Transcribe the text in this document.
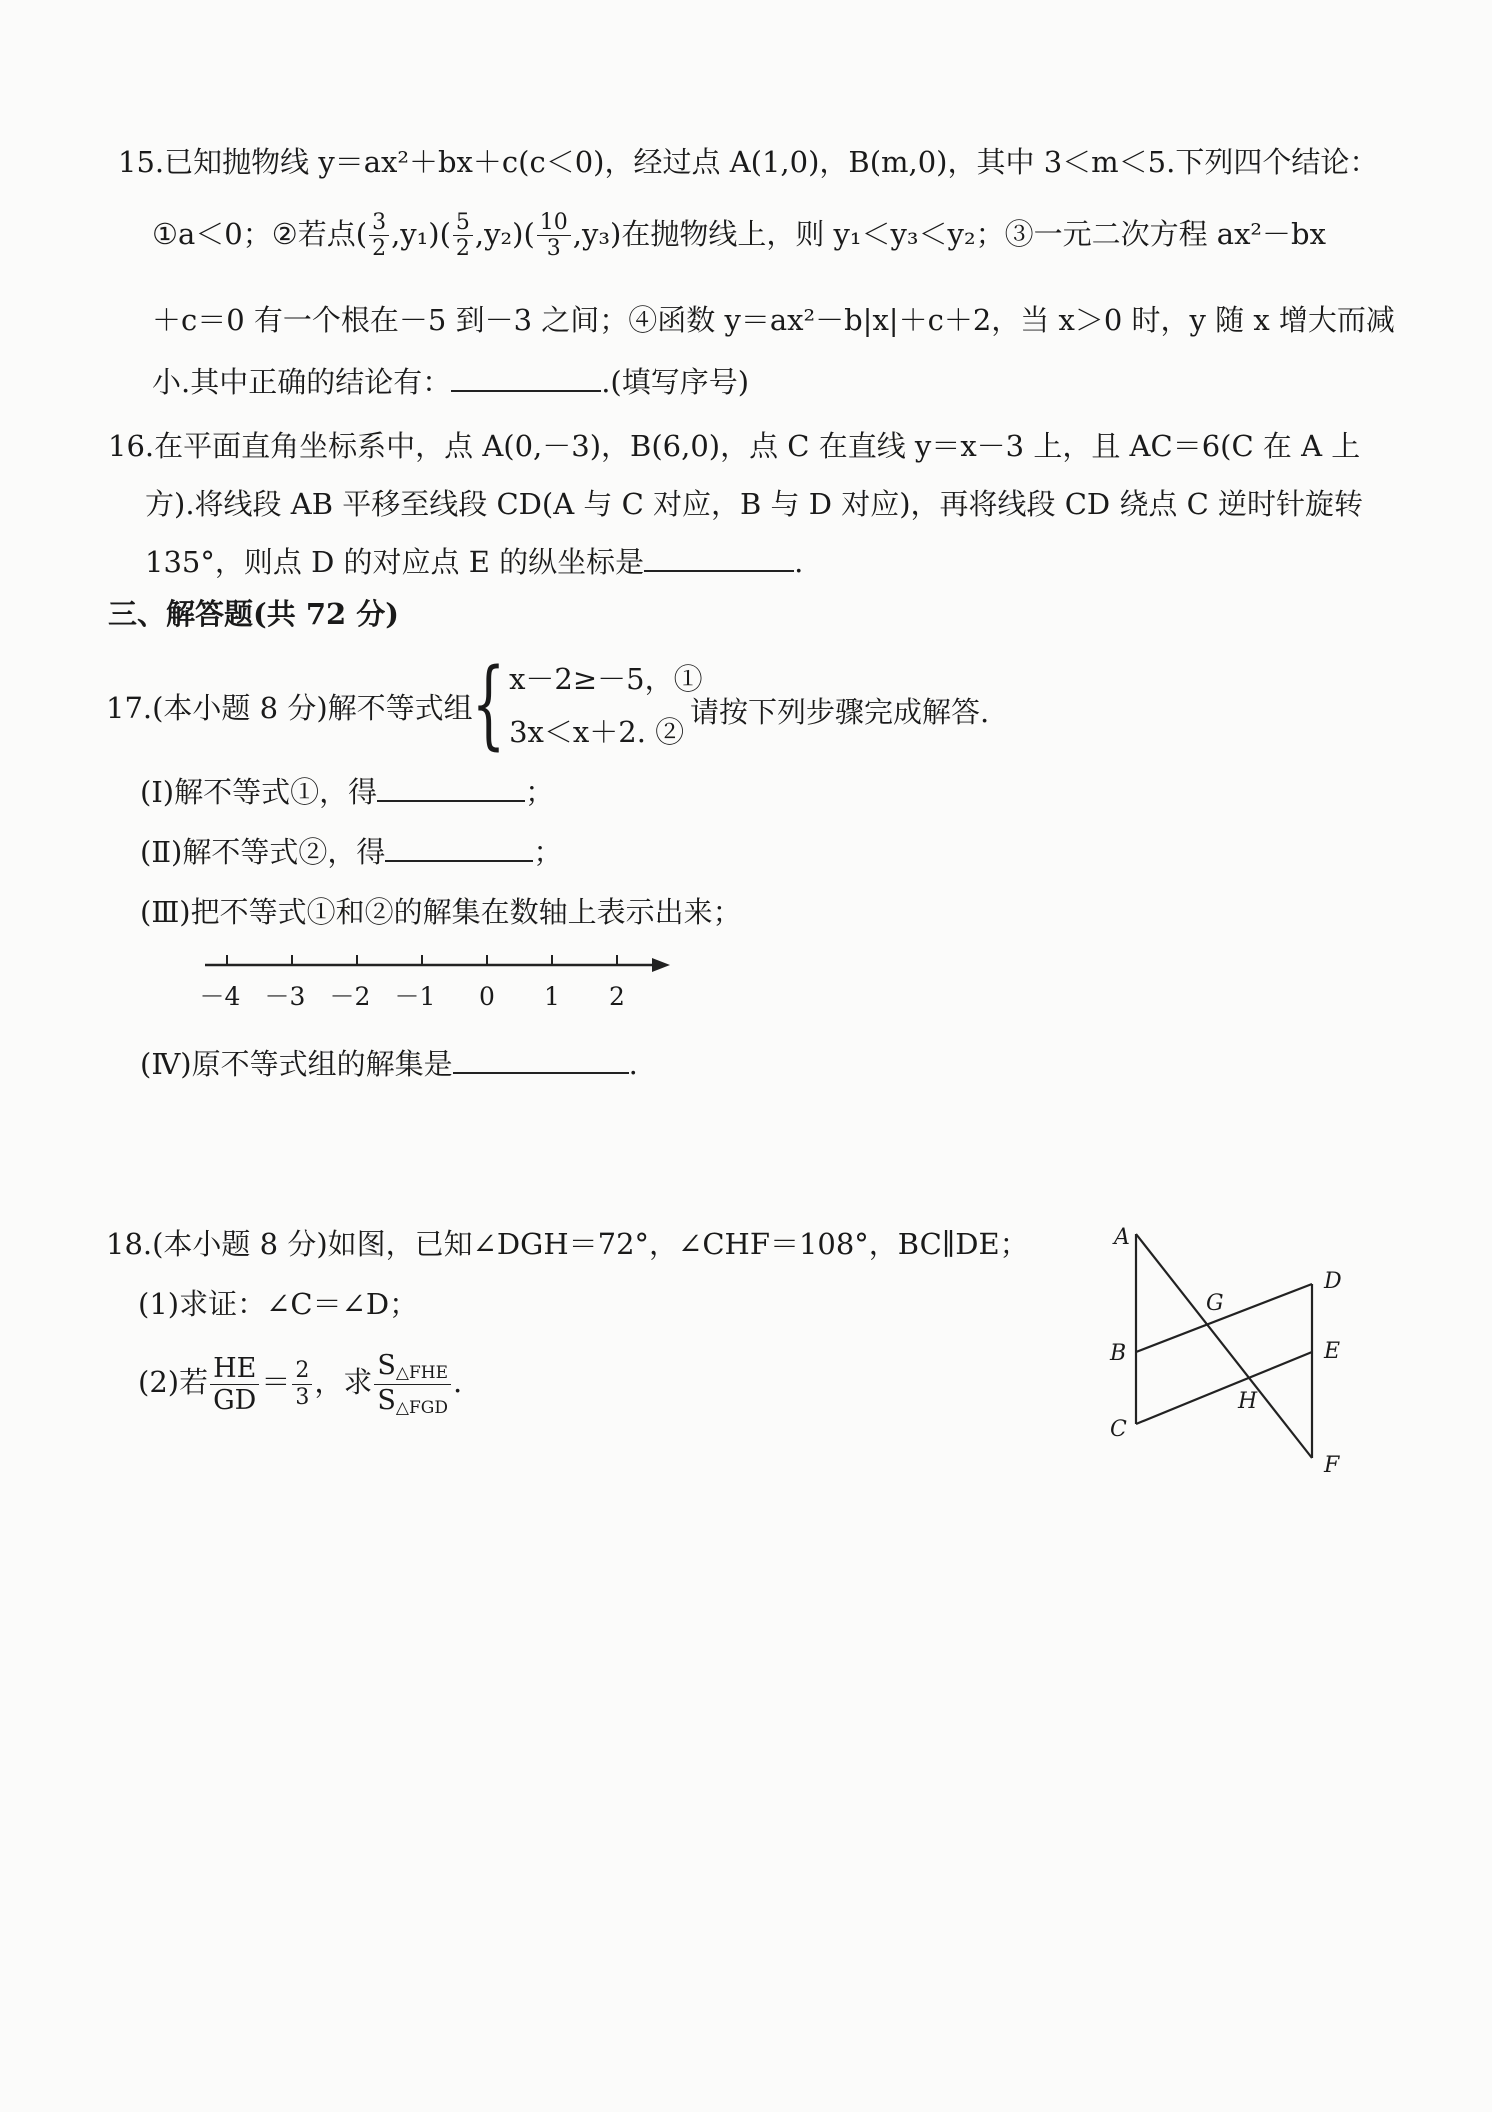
15.已知抛物线 y＝ax²＋bx＋c(c＜0)，经过点 A(1,0)，B(m,0)，其中 3＜m＜5.下列四个结论：
①a＜0；②若点( $\frac{3}{2} ,y_1)( \frac{5}{2} ,y_2)( \frac{10}{3} ,y_3)$在抛物线上，则 y₁＜y₃＜y₂；③一元二次方程 ax²－bx
＋c＝0 有一个根在－5 到－3 之间；④函数 y＝ax²－b|x|＋c＋2，当 x＞0 时，y 随 x 增大而减
小.其中正确的结论有：	.(填写序号)
16.在平面直角坐标系中，点 A(0,－3)，B(6,0)，点 C 在直线 y＝x－3 上，且 AC＝6(C 在 A 上
方).将线段 AB 平移至线段 CD(A 与 C 对应，B 与 D 对应)，再将线段 CD 绕点 C 逆时针旋转
135°，则点 D 的对应点 E 的纵坐标是	.
三、解答题(共 72 分)
17.(本小题 8 分)解不等式组 { x－2≥－5，①
3x＜x＋2. ②
请按下列步骤完成解答.
(Ⅰ)解不等式①，得	；
(Ⅱ)解不等式②，得	；
(Ⅲ)把不等式①和②的解集在数轴上表示出来；
－4 －3 －2 －1 0 1 2
(Ⅳ)原不等式组的解集是	.
18.(本小题 8 分)如图，已知∠DGH＝72°，∠CHF＝108°，BC∥DE；
(1)求证：∠C＝∠D；
(2)若 $\frac{HE}{GD} = \frac{2}{3}$ ，求 $\frac{S_{\triangle FHE}}{S_{\triangle FGD}}$ .
A
B
C
D
E
F
G
H
